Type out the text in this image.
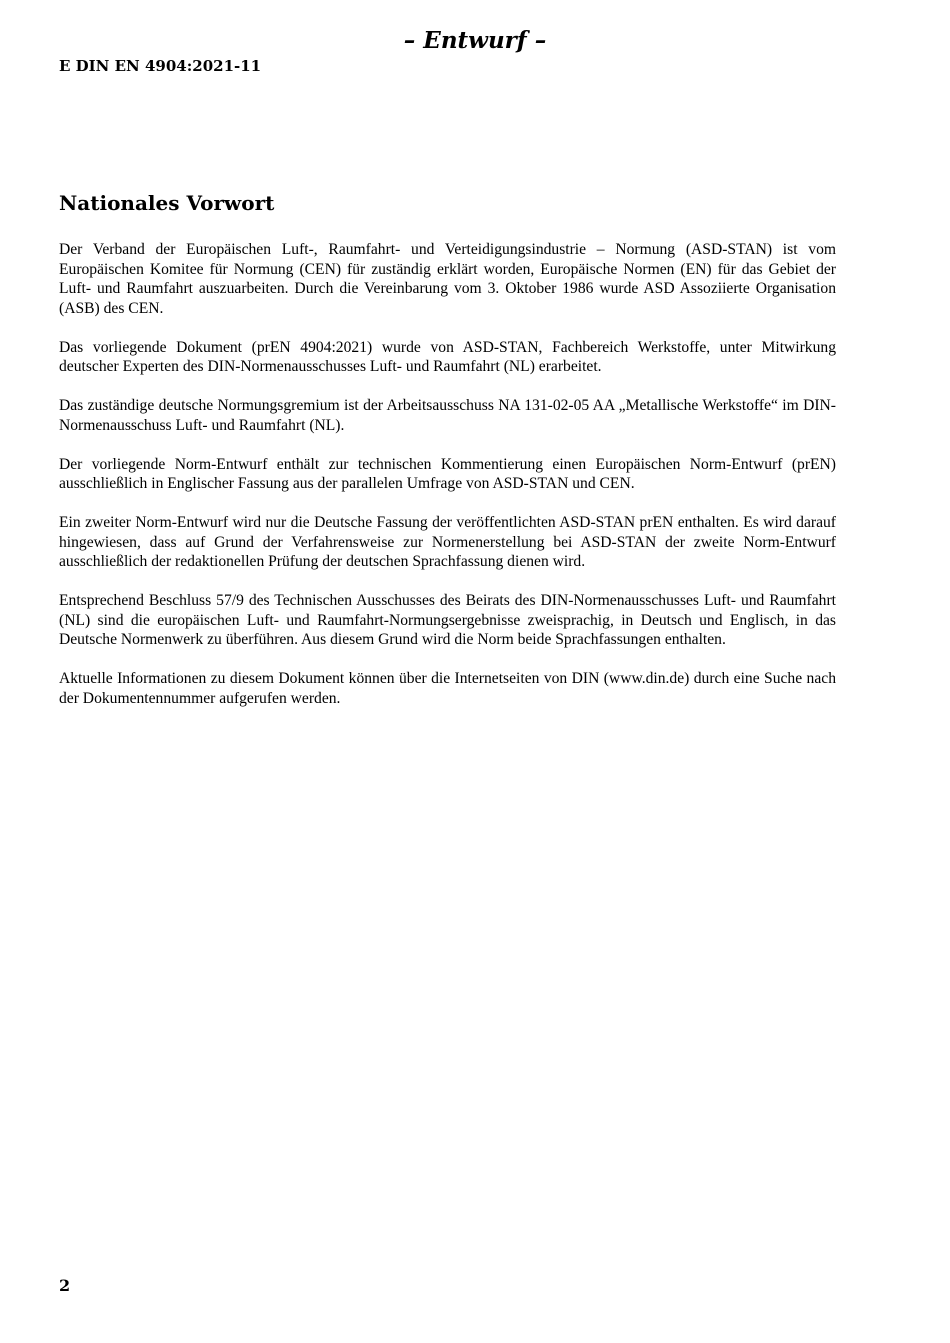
– Entwurf –
E DIN EN 4904:2021-11
Nationales Vorwort

Der Verband der Europäischen Luft-, Raumfahrt- und Verteidigungsindustrie – Normung (ASD-STAN) ist vom Europäischen Komitee für Normung (CEN) für zuständig erklärt worden, Europäische Normen (EN) für das Gebiet der Luft- und Raumfahrt auszuarbeiten. Durch die Vereinbarung vom 3. Oktober 1986 wurde ASD Assoziierte Organisation (ASB) des CEN.

Das vorliegende Dokument (prEN 4904:2021) wurde von ASD-STAN, Fachbereich Werkstoffe, unter Mitwirkung deutscher Experten des DIN-Normenausschusses Luft- und Raumfahrt (NL) erarbeitet.

Das zuständige deutsche Normungsgremium ist der Arbeitsausschuss NA 131-02-05 AA „Metallische Werkstoffe“ im DIN-Normenausschuss Luft- und Raumfahrt (NL).

Der vorliegende Norm-Entwurf enthält zur technischen Kommentierung einen Europäischen Norm-Entwurf (prEN) ausschließlich in Englischer Fassung aus der parallelen Umfrage von ASD-STAN und CEN.

Ein zweiter Norm-Entwurf wird nur die Deutsche Fassung der veröffentlichten ASD-STAN prEN enthalten. Es wird darauf hingewiesen, dass auf Grund der Verfahrensweise zur Normenerstellung bei ASD-STAN der zweite Norm-Entwurf ausschließlich der redaktionellen Prüfung der deutschen Sprachfassung dienen wird.

Entsprechend Beschluss 57/9 des Technischen Ausschusses des Beirats des DIN-Normenausschusses Luft- und Raumfahrt (NL) sind die europäischen Luft- und Raumfahrt-Normungsergebnisse zweisprachig, in Deutsch und Englisch, in das Deutsche Normenwerk zu überführen. Aus diesem Grund wird die Norm beide Sprachfassungen enthalten.

Aktuelle Informationen zu diesem Dokument können über die Internetseiten von DIN (www.din.de) durch eine Suche nach der Dokumentennummer aufgerufen werden.

2
